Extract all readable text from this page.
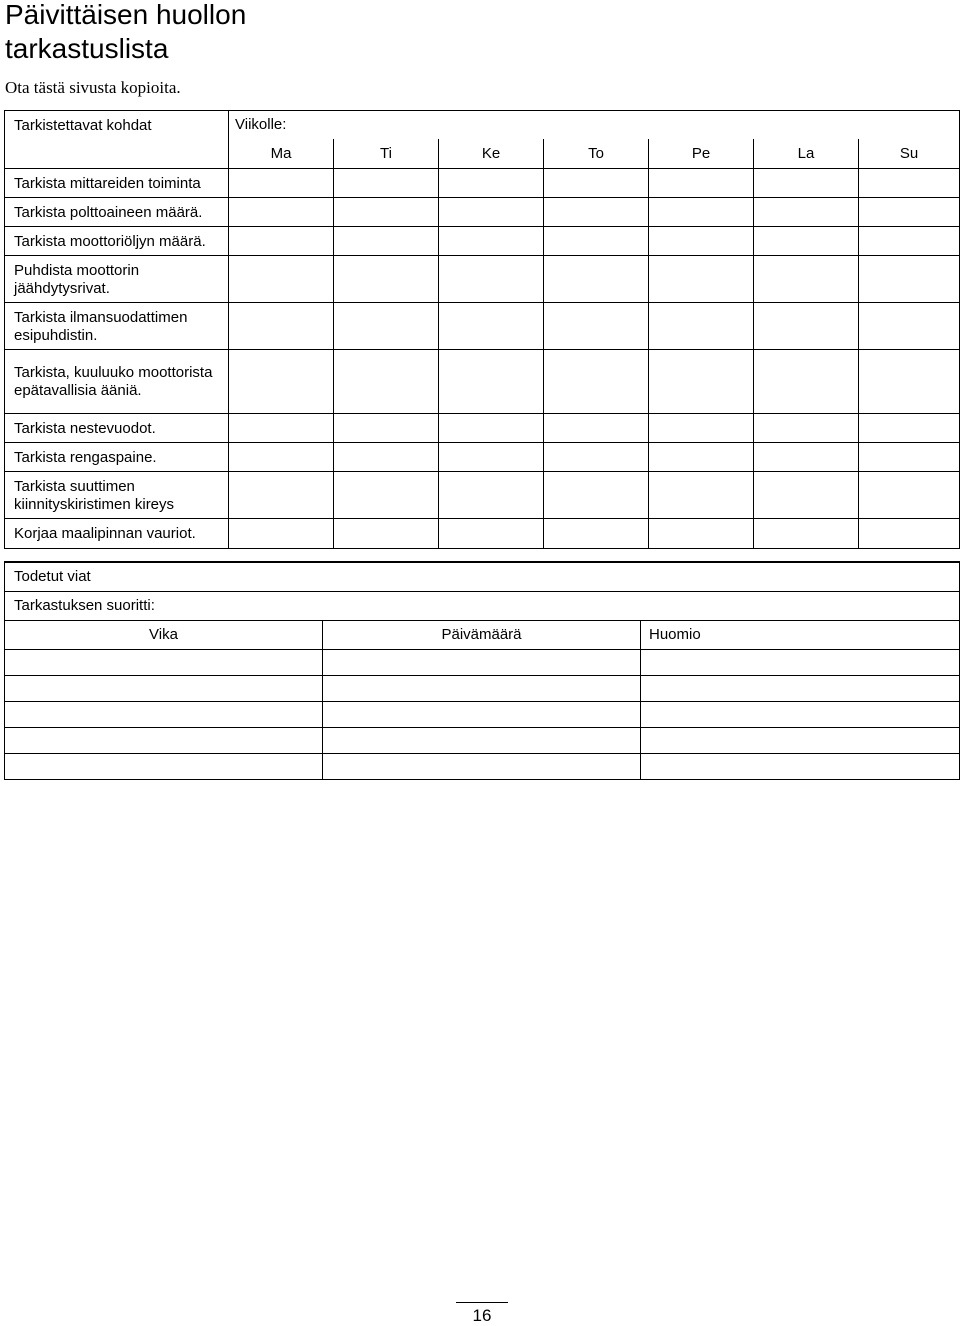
Päivittäisen huollon
tarkastuslista

Ota tästä sivusta kopioita.

Tarkistettavat kohdat	Viikolle:						
	Ma	Ti	Ke	To	Pe	La	Su
Tarkista mittareiden toiminta							
Tarkista polttoaineen määrä.							
Tarkista moottoriöljyn määrä.							
Puhdista moottorin jäähdytysrivat.							
Tarkista ilmansuodattimen esipuhdistin.							
Tarkista, kuuluuko moottorista epätavallisia ääniä.							
Tarkista nestevuodot.							
Tarkista rengaspaine.							
Tarkista suuttimen kiinnityskiristimen kireys							
Korjaa maalipinnan vauriot.							
Todetut viat		
Tarkastuksen suoritti:		
Vika	Päivämäärä	Huomio

16
